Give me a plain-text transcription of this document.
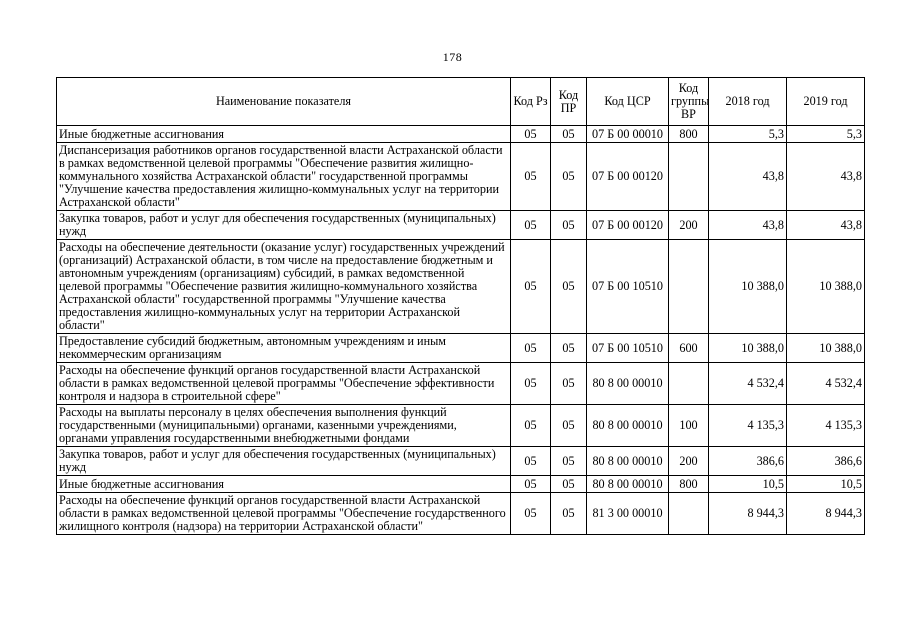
178
Наименование показателя	Код Рз	Код ПР	Код ЦСР	Код группы ВР	2018 год	2019 год
Иные бюджетные ассигнования	05	05	07 Б 00 00010	800	5,3	5,3
Диспансеризация работников органов государственной власти Астраханской области в рамках ведомственной целевой программы "Обеспечение развития жилищно-коммунального хозяйства Астраханской области" государственной программы "Улучшение качества предоставления жилищно-коммунальных услуг на территории Астраханской области"	05	05	07 Б 00 00120		43,8	43,8
Закупка товаров, работ и услуг для обеспечения государственных (муниципальных) нужд	05	05	07 Б 00 00120	200	43,8	43,8
Расходы на обеспечение деятельности (оказание услуг) государственных учреждений (организаций) Астраханской области, в том числе на предоставление бюджетным и автономным учреждениям (организациям) субсидий, в рамках ведомственной целевой программы "Обеспечение развития жилищно-коммунального хозяйства Астраханской области" государственной программы "Улучшение качества предоставления жилищно-коммунальных услуг на территории Астраханской области"	05	05	07 Б 00 10510		10 388,0	10 388,0
Предоставление субсидий бюджетным, автономным учреждениям и иным некоммерческим организациям	05	05	07 Б 00 10510	600	10 388,0	10 388,0
Расходы на обеспечение функций органов государственной власти Астраханской области в рамках ведомственной целевой программы "Обеспечение эффективности контроля и надзора в строительной сфере"	05	05	80 8 00 00010		4 532,4	4 532,4
Расходы на выплаты персоналу в целях обеспечения выполнения функций государственными (муниципальными) органами, казенными учреждениями, органами управления государственными внебюджетными фондами	05	05	80 8 00 00010	100	4 135,3	4 135,3
Закупка товаров, работ и услуг для обеспечения государственных (муниципальных) нужд	05	05	80 8 00 00010	200	386,6	386,6
Иные бюджетные ассигнования	05	05	80 8 00 00010	800	10,5	10,5
Расходы на обеспечение функций органов государственной власти Астраханской области в рамках ведомственной целевой программы "Обеспечение государственного жилищного контроля (надзора) на территории Астраханской области"	05	05	81 3 00 00010		8 944,3	8 944,3
